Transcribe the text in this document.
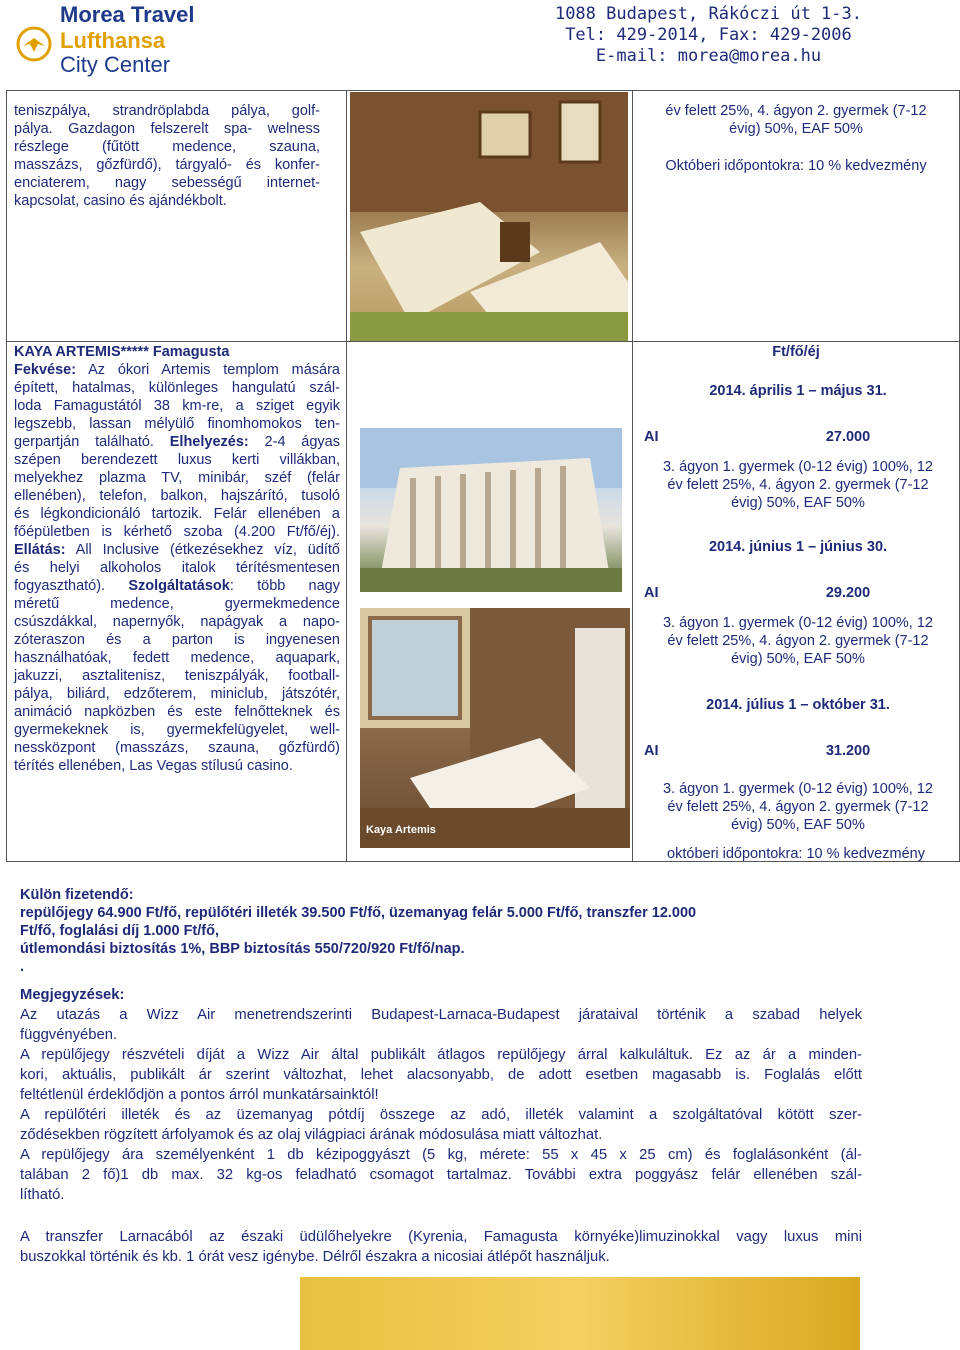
Morea Travel
Lufthansa
City Center
1088 Budapest, Rákóczi út 1-3.
Tel: 429-2014, Fax: 429-2006
E-mail: morea@morea.hu
teniszpálya, strandröplabda pálya, golf-
pálya. Gazdagon felszerelt spa- welness
részlege (fűtött medence, szauna,
masszázs, gőzfürdő), tárgyaló- és konfer-
enciaterem, nagy sebességű internet-
kapcsolat, casino és ajándékbolt.
év felett 25%, 4. ágyon 2. gyermek (7-12
évig) 50%, EAF 50%
Októberi időpontokra: 10 % kedvezmény
KAYA ARTEMIS***** Famagusta
Fekvése: Az ókori Artemis templom mására
épített, hatalmas, különleges hangulatú szál-
loda Famagustától 38 km-re, a sziget egyik
legszebb, lassan mélyülő finomhomokos ten-
gerpartján található. Elhelyezés: 2-4 ágyas
szépen berendezett luxus kerti villákban,
melyekhez plazma TV, minibár, széf (felár
ellenében), telefon, balkon, hajszárító, tusoló
és légkondicionáló tartozik. Felár ellenében a
főépületben is kérhető szoba (4.200 Ft/fő/éj).
Ellátás: All Inclusive (étkezésekhez víz, üdítő
és helyi alkoholos italok térítésmentesen
fogyasztható). Szolgáltatások: több nagy
méretű medence, gyermekmedence
csúszdákkal, napernyők, napágyak a napo-
zóteraszon és a parton is ingyenesen
használhatóak, fedett medence, aquapark,
jakuzzi, asztalitenisz, teniszpályák, football-
pálya, biliárd, edzőterem, miniclub, játszótér,
animáció napközben és este felnőtteknek és
gyermekeknek is, gyermekfelügyelet, well-
nessközpont (masszázs, szauna, gőzfürdő)
térítés ellenében, Las Vegas stílusú casino.
Kaya Artemis
Ft/fő/éj
2014. április 1 – május 31.
AI	27.000
3. ágyon 1. gyermek (0-12 évig) 100%, 12
év felett 25%, 4. ágyon 2. gyermek (7-12
évig) 50%, EAF 50%
2014. június 1 – június 30.
AI	29.200
3. ágyon 1. gyermek (0-12 évig) 100%, 12
év felett 25%, 4. ágyon 2. gyermek (7-12
évig) 50%, EAF 50%
2014. július 1 – október 31.
AI	31.200
3. ágyon 1. gyermek (0-12 évig) 100%, 12
év felett 25%, 4. ágyon 2. gyermek (7-12
évig) 50%, EAF 50%
októberi időpontokra: 10 % kedvezmény
Külön fizetendő:
repülőjegy 64.900 Ft/fő, repülőtéri illeték 39.500 Ft/fő, üzemanyag felár 5.000 Ft/fő, transzfer 12.000
Ft/fő, foglalási díj 1.000 Ft/fő,
útlemondási biztosítás 1%, BBP biztosítás 550/720/920 Ft/fő/nap.
.
Megjegyzések:
Az utazás a Wizz Air menetrendszerinti Budapest-Larnaca-Budapest járataival történik a szabad helyek
függvényében.
A repülőjegy részvételi díját a Wizz Air által publikált átlagos repülőjegy árral kalkuláltuk. Ez az ár a minden-
kori, aktuális, publikált ár szerint változhat, lehet alacsonyabb, de adott esetben magasabb is. Foglalás előtt
feltétlenül érdeklődjön a pontos árról munkatársainktól!
A repülőtéri illeték és az üzemanyag pótdíj összege az adó, illeték valamint a szolgáltatóval kötött szer-
ződésekben rögzített árfolyamok és az olaj világpiaci árának módosulása miatt változhat.
A repülőjegy ára személyenként 1 db kézipoggyászt (5 kg, mérete: 55 x 45 x 25 cm) és foglalásonként (ál-
talában 2 fő)1 db max. 32 kg-os feladható csomagot tartalmaz. További extra poggyász felár ellenében szál-
lítható.
A transzfer Larnacából az északi üdülőhelyekre (Kyrenia, Famagusta környéke)limuzinokkal vagy luxus mini
buszokkal történik és kb. 1 órát vesz igénybe. Délről északra a nicosiai átlépőt használjuk.
